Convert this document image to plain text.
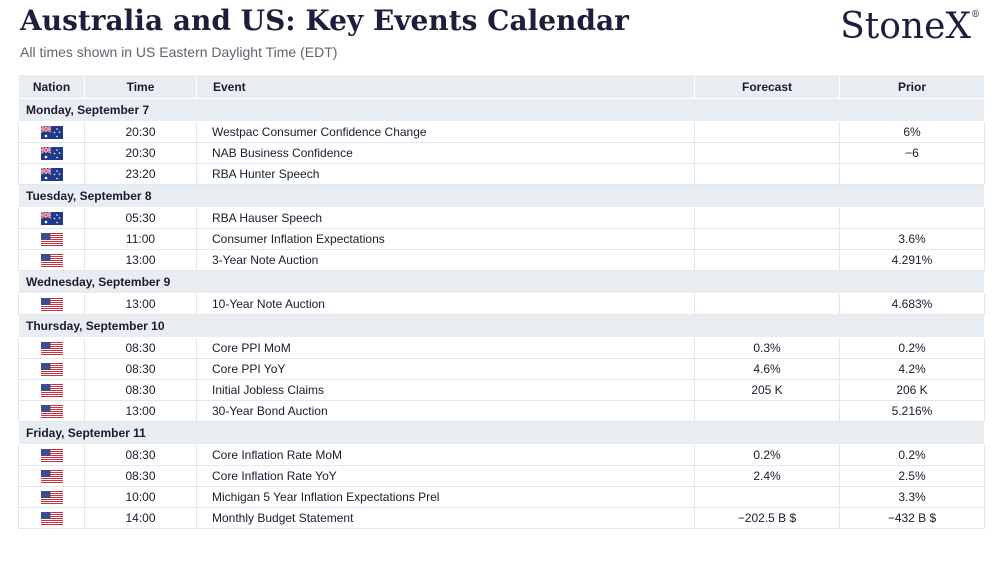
Australia and US: Key Events Calendar
All times shown in US Eastern Daylight Time (EDT)
StoneX®
Nation	Time	Event	Forecast	Prior
Monday, September 7				
	20:30	Westpac Consumer Confidence Change		6%
	20:30	NAB Business Confidence		−6
	23:20	RBA Hunter Speech		
Tuesday, September 8				
	05:30	RBA Hauser Speech		
	11:00	Consumer Inflation Expectations		3.6%
	13:00	3-Year Note Auction		4.291%
Wednesday, September 9				
	13:00	10-Year Note Auction		4.683%
Thursday, September 10				
	08:30	Core PPI MoM	0.3%	0.2%
	08:30	Core PPI YoY	4.6%	4.2%
	08:30	Initial Jobless Claims	205 K	206 K
	13:00	30-Year Bond Auction		5.216%
Friday, September 11				
	08:30	Core Inflation Rate MoM	0.2%	0.2%
	08:30	Core Inflation Rate YoY	2.4%	2.5%
	10:00	Michigan 5 Year Inflation Expectations Prel		3.3%
	14:00	Monthly Budget Statement	−202.5 B $	−432 B $
